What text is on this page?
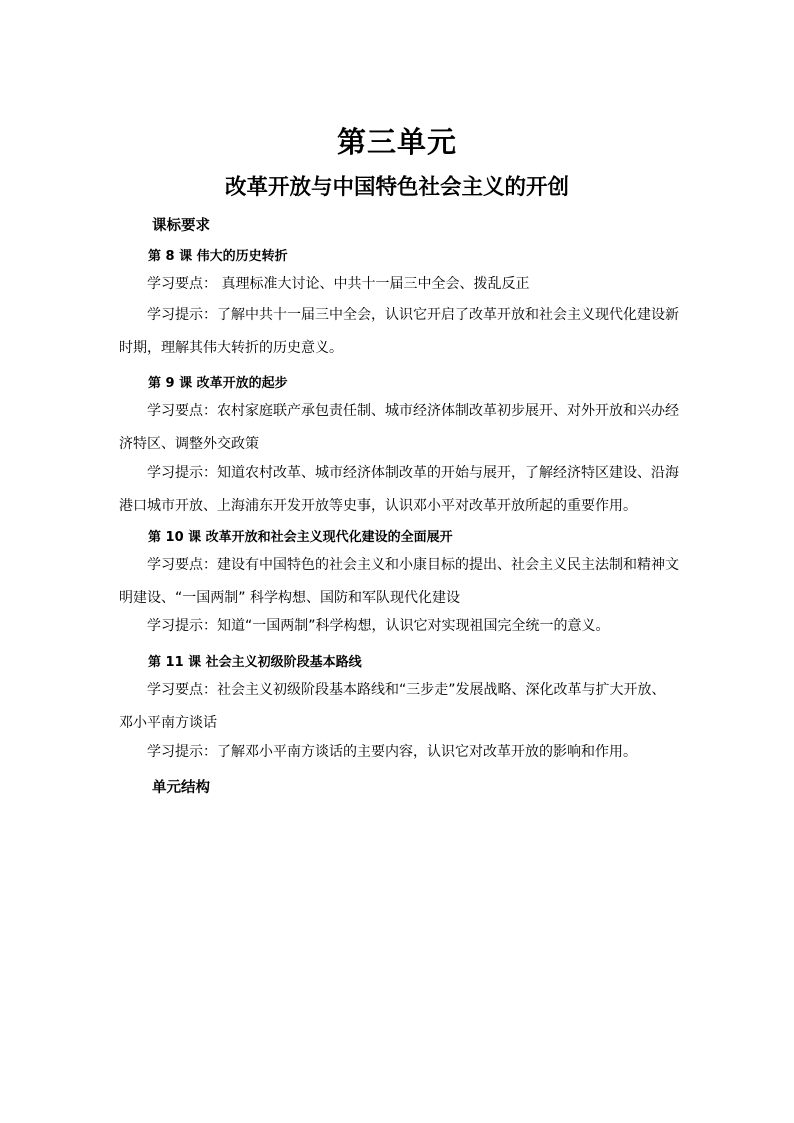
第三单元
改革开放与中国特色社会主义的开创
课标要求
第 8 课 伟大的历史转折

学习要点： 真理标准大讨论、中共十一届三中全会、拨乱反正

学习提示：了解中共十一届三中全会，认识它开启了改革开放和社会主义现代化建设新时期，理解其伟大转折的历史意义。

第 9 课 改革开放的起步

学习要点：农村家庭联产承包责任制、城市经济体制改革初步展开、对外开放和兴办经济特区、调整外交政策

学习提示：知道农村改革、城市经济体制改革的开始与展开，了解经济特区建设、沿海港口城市开放、上海浦东开发开放等史事，认识邓小平对改革开放所起的重要作用。

第 10 课 改革开放和社会主义现代化建设的全面展开

学习要点：建设有中国特色的社会主义和小康目标的提出、社会主义民主法制和精神文明建设、“一国两制” 科学构想、国防和军队现代化建设

学习提示：知道“一国两制”科学构想，认识它对实现祖国完全统一的意义。

第 11 课 社会主义初级阶段基本路线

学习要点：社会主义初级阶段基本路线和“三步走”发展战略、深化改革与扩大开放、邓小平南方谈话

学习提示：了解邓小平南方谈话的主要内容，认识它对改革开放的影响和作用。

单元结构
